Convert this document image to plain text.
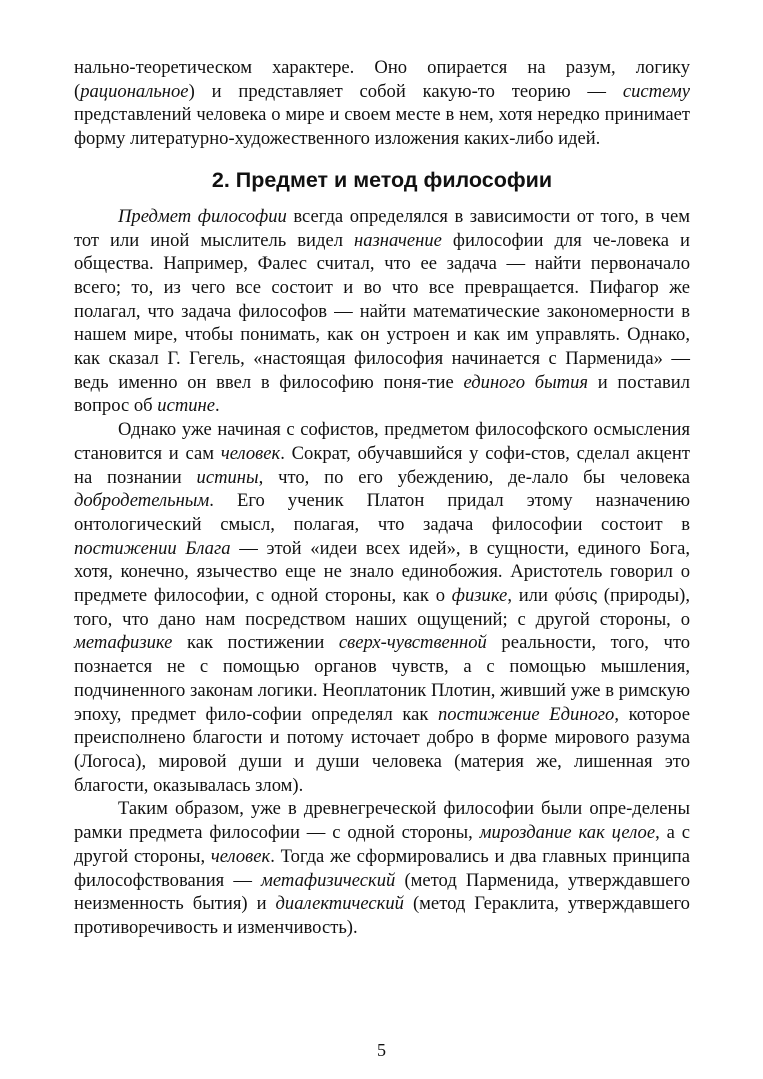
нально-теоретическом характере. Оно опирается на разум, логику (рациональное) и представляет собой какую-то теорию — систему представлений человека о мире и своем месте в нем, хотя нередко принимает форму литературно-художественного изложения каких-либо идей.

2. Предмет и метод философии

Предмет философии всегда определялся в зависимости от того, в чем тот или иной мыслитель видел назначение философии для че-ловека и общества. Например, Фалес считал, что ее задача — найти первоначало всего; то, из чего все состоит и во что все превращается. Пифагор же полагал, что задача философов — найти математические закономерности в нашем мире, чтобы понимать, как он устроен и как им управлять. Однако, как сказал Г. Гегель, «настоящая философия начинается с Парменида» — ведь именно он ввел в философию поня-тие единого бытия и поставил вопрос об истине.

Однако уже начиная с софистов, предметом философского осмысления становится и сам человек. Сократ, обучавшийся у софи-стов, сделал акцент на познании истины, что, по его убеждению, де-лало бы человека добродетельным. Его ученик Платон придал этому назначению онтологический смысл, полагая, что задача философии состоит в постижении Блага — этой «идеи всех идей», в сущности, единого Бога, хотя, конечно, язычество еще не знало единобожия. Аристотель говорил о предмете философии, с одной стороны, как о физике, или φύσις (природы), того, что дано нам посредством наших ощущений; с другой стороны, о метафизике как постижении сверх-чувственной реальности, того, что познается не с помощью органов чувств, а с помощью мышления, подчиненного законам логики. Неоплатоник Плотин, живший уже в римскую эпоху, предмет фило-софии определял как постижение Единого, которое преисполнено благости и потому источает добро в форме мирового разума (Логоса), мировой души и души человека (материя же, лишенная это благости, оказывалась злом).

Таким образом, уже в древнегреческой философии были опре-делены рамки предмета философии — с одной стороны, мироздание как целое, а с другой стороны, человек. Тогда же сформировались и два главных принципа философствования — метафизический (метод Парменида, утверждавшего неизменность бытия) и диалектический (метод Гераклита, утверждавшего противоречивость и изменчивость).

5
